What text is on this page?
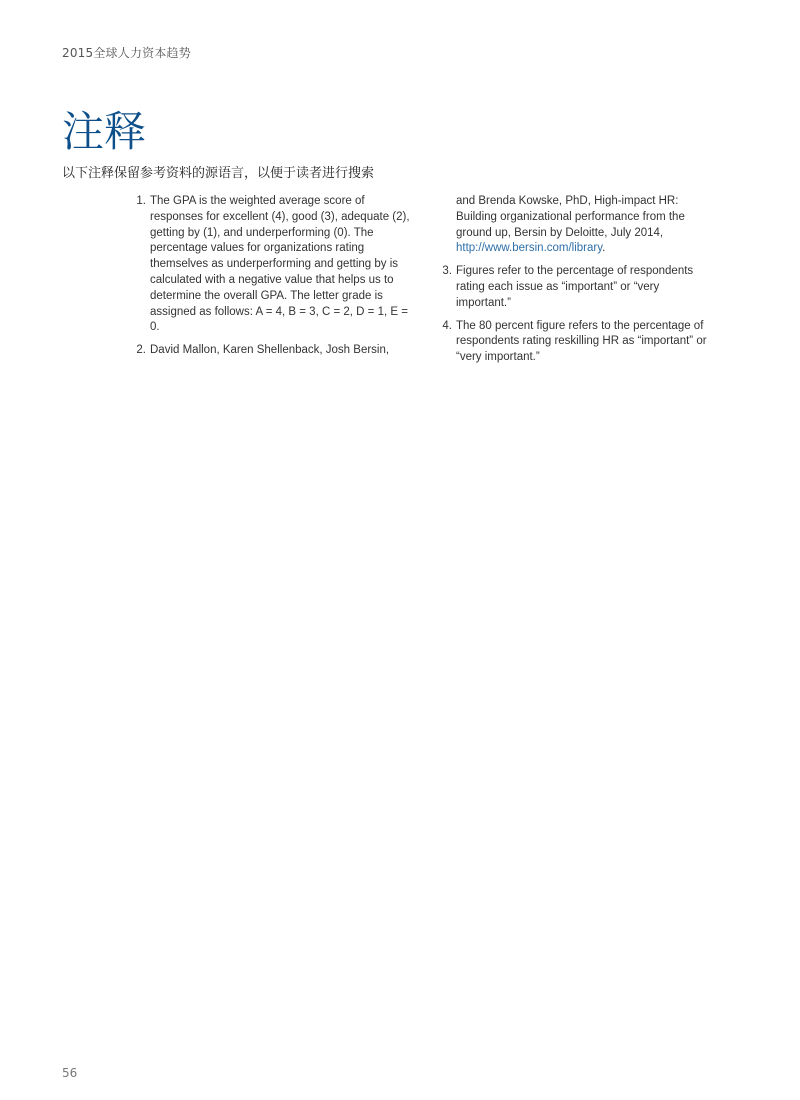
2015全球人力资本趋势
注释

以下注释保留参考资料的源语言，以便于读者进行搜索

1. The GPA is the weighted average score of responses for excellent (4), good (3), adequate (2), getting by (1), and underperforming (0). The percentage values for organizations rating themselves as underperforming and getting by is calculated with a negative value that helps us to determine the overall GPA. The letter grade is assigned as follows: A = 4, B = 3, C = 2, D = 1, E = 0.
2. David Mallon, Karen Shellenback, Josh Bersin,
and Brenda Kowske, PhD, High-impact HR: Building organizational performance from the ground up, Bersin by Deloitte, July 2014, http://www.bersin.com/library.
3. Figures refer to the percentage of respondents rating each issue as “important” or “very important.”
4. The 80 percent figure refers to the percentage of respondents rating reskilling HR as “important” or “very important.”
56
